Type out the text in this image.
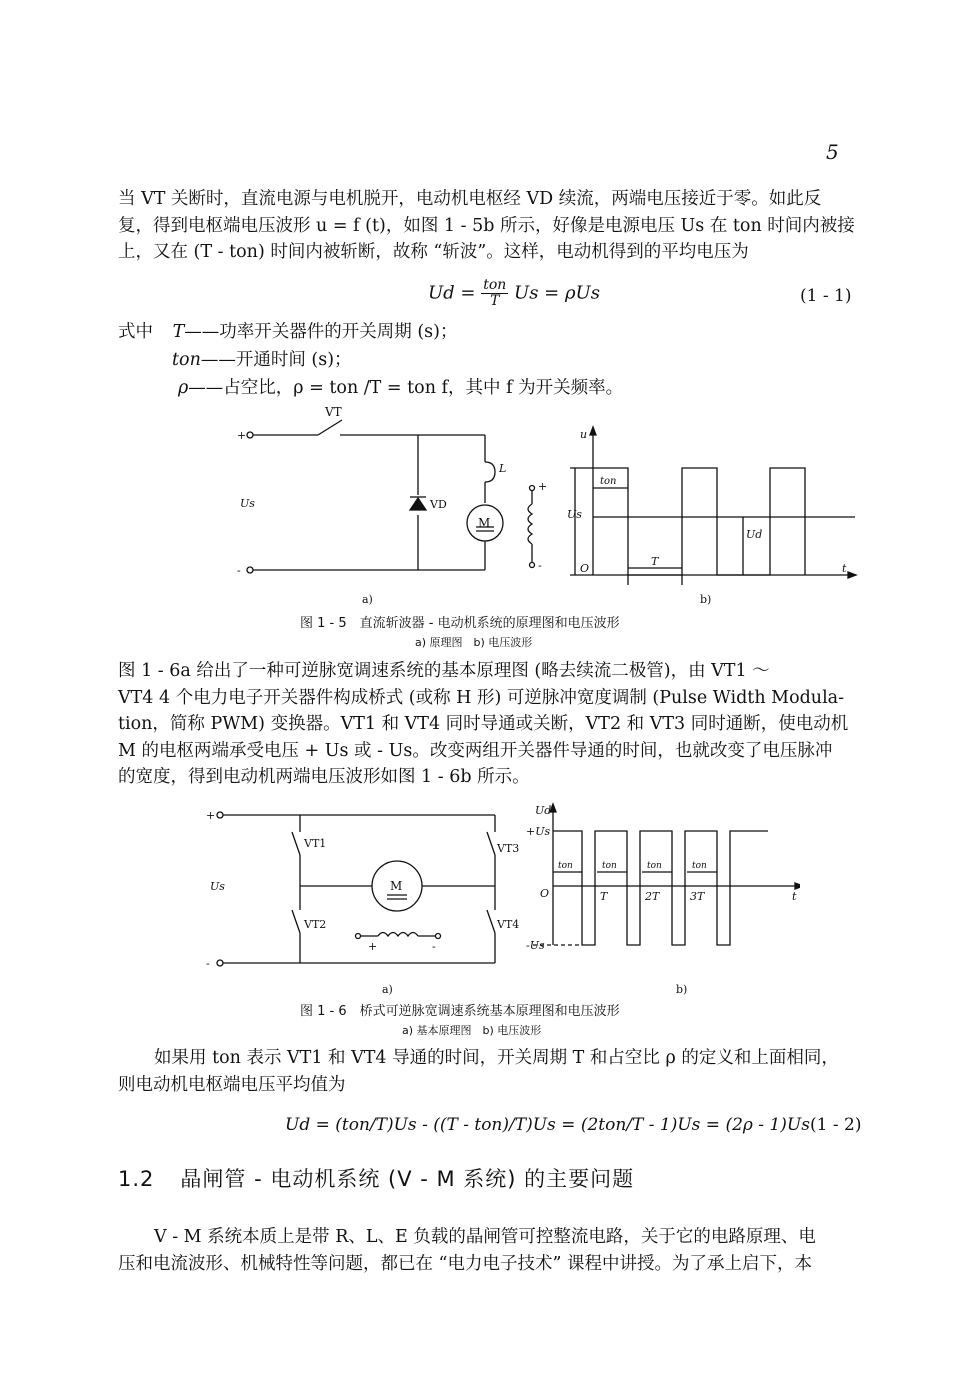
5
当 VT 关断时，直流电源与电机脱开，电动机电枢经 VD 续流，两端电压接近于零。如此反
复，得到电枢端电压波形 u = f (t)，如图 1 - 5b 所示，好像是电源电压 Us 在 ton 时间内被接
上，又在 (T - ton) 时间内被斩断，故称 “斩波”。这样，电动机得到的平均电压为
$Ud = \frac{\text{ton}}{T}$ Us = ρUs	(1 - 1)
式中 T——功率开关器件的开关周期 (s)；
ton——开通时间 (s)；
ρ——占空比，ρ = ton /T = ton f，其中 f 为开关频率。
VT
+
-
Us	VD
M
L
+
-
u
ton
Us
Ud
O
T
t
a)	b)
图 1 - 5　直流斩波器 - 电动机系统的原理图和电压波形
a) 原理图　b) 电压波形
图 1 - 6a 给出了一种可逆脉宽调速系统的基本原理图 (略去续流二极管)，由 VT1 ～
VT4 4 个电力电子开关器件构成桥式 (或称 H 形) 可逆脉冲宽度调制 (Pulse Width Modula-
tion，简称 PWM) 变换器。VT1 和 VT4 同时导通或关断，VT2 和 VT3 同时通断，使电动机
M 的电枢两端承受电压 + Us 或 - Us。改变两组开关器件导通的时间，也就改变了电压脉冲
的宽度，得到电动机两端电压波形如图 1 - 6b 所示。
+
-
Us
VT1
VT2
VT3
VT4
M
+	-
Ud
+Us
-Us
O
ton	ton	ton	ton
T	2T	3T	t
a)	b)
图 1 - 6　桥式可逆脉宽调速系统基本原理图和电压波形
a) 基本原理图　b) 电压波形
如果用 ton 表示 VT1 和 VT4 导通的时间，开关周期 T 和占空比 ρ 的定义和上面相同，
则电动机电枢端电压平均值为
Ud = (ton/T)Us - ((T - ton)/T)Us = (2ton/T - 1)Us = (2ρ - 1)Us (1 - 2)
1.2 晶闸管 - 电动机系统 (V - M 系统) 的主要问题
V - M 系统本质上是带 R、L、E 负载的晶闸管可控整流电路，关于它的电路原理、电
压和电流波形、机械特性等问题，都已在 “电力电子技术” 课程中讲授。为了承上启下，本
